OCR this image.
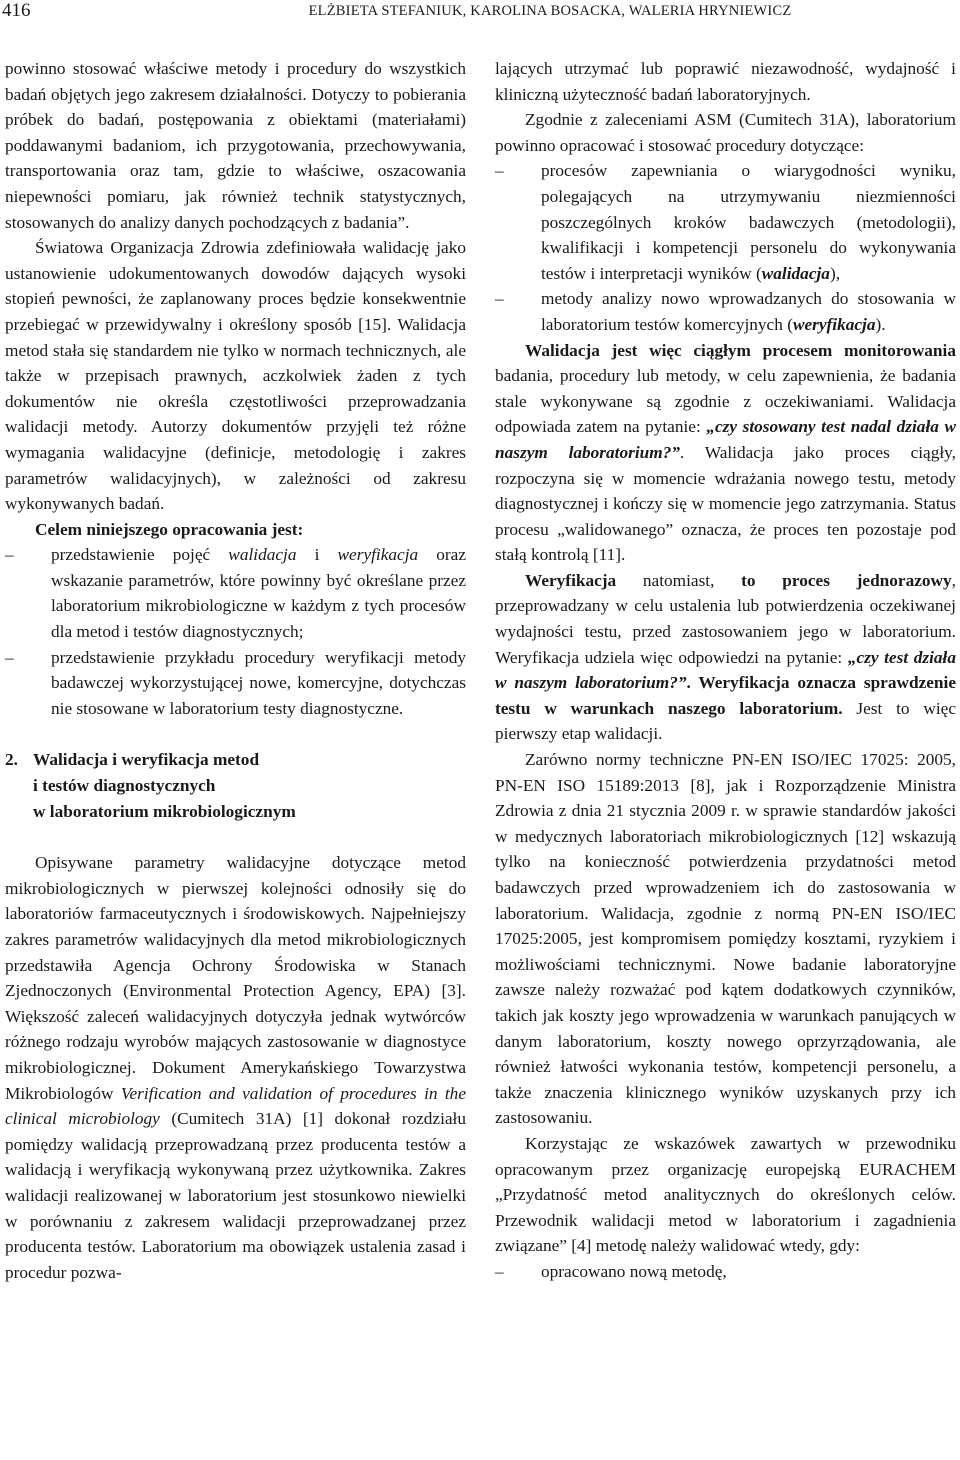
416	ELŻBIETA STEFANIUK, KAROLINA BOSACKA, WALERIA HRYNIEWICZ

powinno stosować właściwe metody i procedury do wszystkich badań objętych jego zakresem działalności. Dotyczy to pobierania próbek do badań, postępowania z obiektami (materiałami) poddawanymi badaniom, ich przygotowania, przechowywania, transportowania oraz tam, gdzie to właściwe, oszacowania niepewności pomiaru, jak również technik statystycznych, stosowanych do analizy danych pochodzących z badania”.

Światowa Organizacja Zdrowia zdefiniowała walidację jako ustanowienie udokumentowanych dowodów dających wysoki stopień pewności, że zaplanowany proces będzie konsekwentnie przebiegać w przewidywalny i określony sposób [15]. Walidacja metod stała się standardem nie tylko w normach technicznych, ale także w przepisach prawnych, aczkolwiek żaden z tych dokumentów nie określa częstotliwości przeprowadzania walidacji metody. Autorzy dokumentów przyjęli też różne wymagania walidacyjne (definicje, metodologię i zakres parametrów walidacyjnych), w zależności od zakresu wykonywanych badań.

Celem niniejszego opracowania jest:

– przedstawienie pojęć walidacja i weryfikacja oraz wskazanie parametrów, które powinny być określane przez laboratorium mikrobiologiczne w każdym z tych procesów dla metod i testów diagnostycznych;
– przedstawienie przykładu procedury weryfikacji metody badawczej wykorzystującej nowe, komercyjne, dotychczas nie stosowane w laboratorium testy diagnostyczne.
2. Walidacja i weryfikacja metod
i testów diagnostycznych
w laboratorium mikrobiologicznym

Opisywane parametry walidacyjne dotyczące metod mikrobiologicznych w pierwszej kolejności odnosiły się do laboratoriów farmaceutycznych i środowiskowych. Najpełniejszy zakres parametrów walidacyjnych dla metod mikrobiologicznych przedstawiła Agencja Ochrony Środowiska w Stanach Zjednoczonych (Environmental Protection Agency, EPA) [3]. Większość zaleceń walidacyjnych dotyczyła jednak wytwórców różnego rodzaju wyrobów mających zastosowanie w diagnostyce mikrobiologicznej. Dokument Amerykańskiego Towarzystwa Mikrobiologów Verification and validation of procedures in the clinical microbiology (Cumitech 31A) [1] dokonał rozdziału pomiędzy walidacją przeprowadzaną przez producenta testów a walidacją i weryfikacją wykonywaną przez użytkownika. Zakres walidacji realizowanej w laboratorium jest stosunkowo niewielki w porównaniu z zakresem walidacji przeprowadzanej przez producenta testów. Laboratorium ma obowiązek ustalenia zasad i procedur pozwa-

lających utrzymać lub poprawić niezawodność, wydajność i kliniczną użyteczność badań laboratoryjnych.

Zgodnie z zaleceniami ASM (Cumitech 31A), laboratorium powinno opracować i stosować procedury dotyczące:

– procesów zapewniania o wiarygodności wyniku, polegających na utrzymywaniu niezmienności poszczególnych kroków badawczych (metodologii), kwalifikacji i kompetencji personelu do wykonywania testów i interpretacji wyników (walidacja),
– metody analizy nowo wprowadzanych do stosowania w laboratorium testów komercyjnych (weryfikacja).

Walidacja jest więc ciągłym procesem monitorowania badania, procedury lub metody, w celu zapewnienia, że badania stale wykonywane są zgodnie z oczekiwaniami. Walidacja odpowiada zatem na pytanie: „czy stosowany test nadal działa w naszym laboratorium?”. Walidacja jako proces ciągły, rozpoczyna się w momencie wdrażania nowego testu, metody diagnostycznej i kończy się w momencie jego zatrzymania. Status procesu „walidowanego” oznacza, że proces ten pozostaje pod stałą kontrolą [11].

Weryfikacja natomiast, to proces jednorazowy, przeprowadzany w celu ustalenia lub potwierdzenia oczekiwanej wydajności testu, przed zastosowaniem jego w laboratorium. Weryfikacja udziela więc odpowiedzi na pytanie: „czy test działa w naszym laboratorium?”. Weryfikacja oznacza sprawdzenie testu w warunkach naszego laboratorium. Jest to więc pierwszy etap walidacji.

Zarówno normy techniczne PN-EN ISO/IEC 17025: 2005, PN-EN ISO 15189:2013 [8], jak i Rozporządzenie Ministra Zdrowia z dnia 21 stycznia 2009 r. w sprawie standardów jakości w medycznych laboratoriach mikrobiologicznych [12] wskazują tylko na konieczność potwierdzenia przydatności metod badawczych przed wprowadzeniem ich do zastosowania w laboratorium. Walidacja, zgodnie z normą PN-EN ISO/IEC 17025:2005, jest kompromisem pomiędzy kosztami, ryzykiem i możliwościami technicznymi. Nowe badanie laboratoryjne zawsze należy rozważać pod kątem dodatkowych czynników, takich jak koszty jego wprowadzenia w warunkach panujących w danym laboratorium, koszty nowego oprzyrządowania, ale również łatwości wykonania testów, kompetencji personelu, a także znaczenia klinicznego wyników uzyskanych przy ich zastosowaniu.

Korzystając ze wskazówek zawartych w przewodniku opracowanym przez organizację europejską EURACHEM „Przydatność metod analitycznych do określonych celów. Przewodnik walidacji metod w laboratorium i zagadnienia związane” [4] metodę należy walidować wtedy, gdy:

– opracowano nową metodę,
